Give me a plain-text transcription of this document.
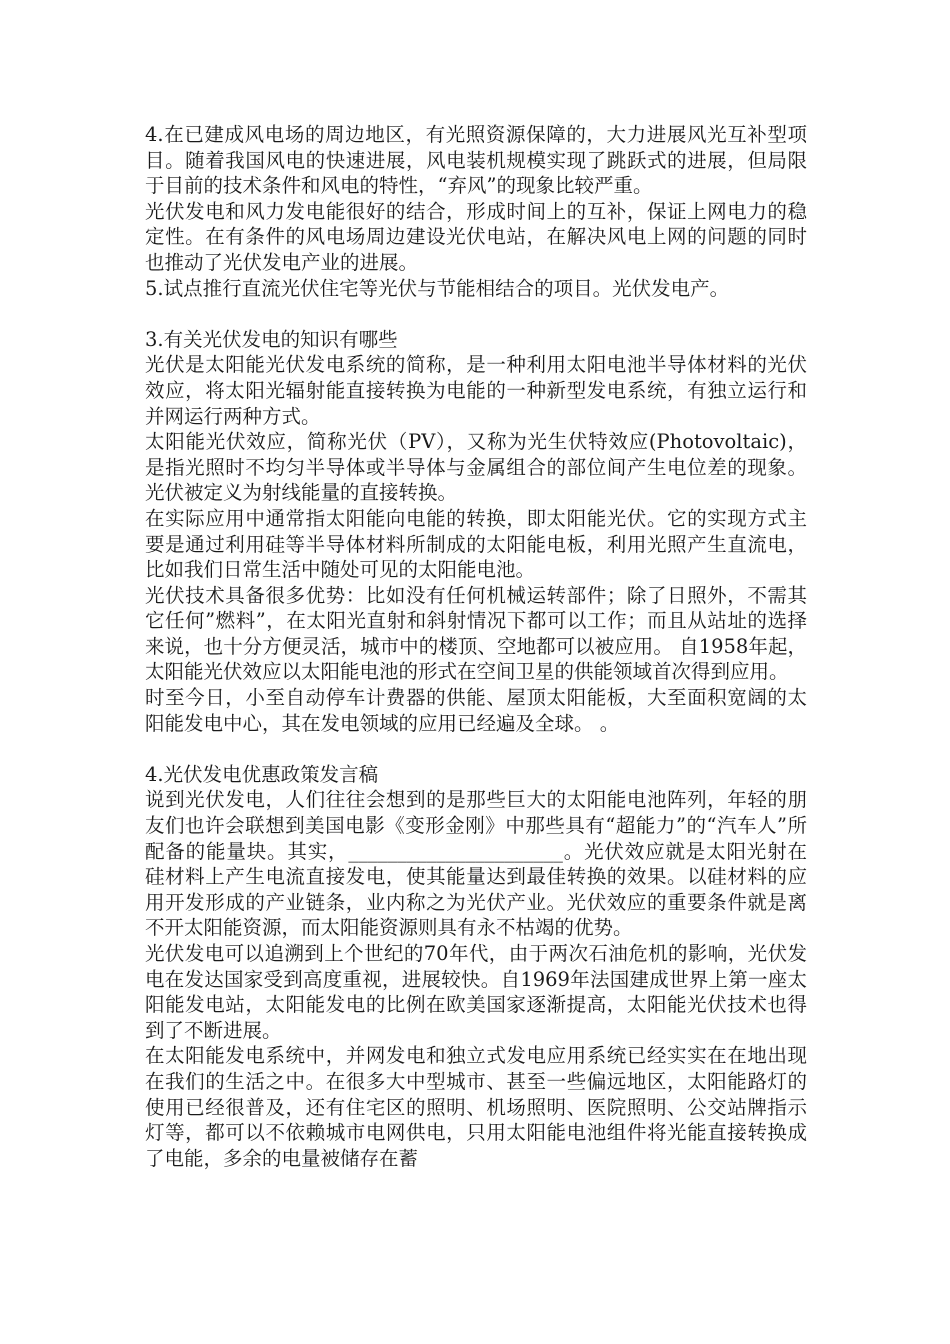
4.在已建成风电场的周边地区，有光照资源保障的，大力进展风光互补型项目。随着我国风电的快速进展，风电装机规模实现了跳跃式的进展，但局限于目前的技术条件和风电的特性，“弃风”的现象比较严重。

光伏发电和风力发电能很好的结合，形成时间上的互补，保证上网电力的稳定性。在有条件的风电场周边建设光伏电站，在解决风电上网的问题的同时也推动了光伏发电产业的进展。

5.试点推行直流光伏住宅等光伏与节能相结合的项目。光伏发电产。

3.有关光伏发电的知识有哪些

光伏是太阳能光伏发电系统的简称，是一种利用太阳电池半导体材料的光伏效应，将太阳光辐射能直接转换为电能的一种新型发电系统，有独立运行和并网运行两种方式。

太阳能光伏效应，简称光伏（PV），又称为光生伏特效应(Photovoltaic)，是指光照时不均匀半导体或半导体与金属组合的部位间产生电位差的现象。 光伏被定义为射线能量的直接转换。

在实际应用中通常指太阳能向电能的转换，即太阳能光伏。它的实现方式主要是通过利用硅等半导体材料所制成的太阳能电板，利用光照产生直流电，比如我们日常生活中随处可见的太阳能电池。

光伏技术具备很多优势：比如没有任何机械运转部件；除了日照外，不需其它任何”燃料”，在太阳光直射和斜射情况下都可以工作；而且从站址的选择来说，也十分方便灵活，城市中的楼顶、空地都可以被应用。 自1958年起，太阳能光伏效应以太阳能电池的形式在空间卫星的供能领域首次得到应用。

时至今日，小至自动停车计费器的供能、屋顶太阳能板，大至面积宽阔的太阳能发电中心，其在发电领域的应用已经遍及全球。 。

4.光伏发电优惠政策发言稿

说到光伏发电，人们往往会想到的是那些巨大的太阳能电池阵列，年轻的朋友们也许会联想到美国电影《变形金刚》中那些具有“超能力”的“汽车人”所配备的能量块。其实，______________________。光伏效应就是太阳光射在硅材料上产生电流直接发电，使其能量达到最佳转换的效果。以硅材料的应用开发形成的产业链条，业内称之为光伏产业。光伏效应的重要条件就是离不开太阳能资源，而太阳能资源则具有永不枯竭的优势。

光伏发电可以追溯到上个世纪的70年代，由于两次石油危机的影响，光伏发电在发达国家受到高度重视，进展较快。自1969年法国建成世界上第一座太阳能发电站，太阳能发电的比例在欧美国家逐渐提高，太阳能光伏技术也得到了不断进展。

在太阳能发电系统中，并网发电和独立式发电应用系统已经实实在在地出现在我们的生活之中。在很多大中型城市、甚至一些偏远地区，太阳能路灯的使用已经很普及，还有住宅区的照明、机场照明、医院照明、公交站牌指示灯等，都可以不依赖城市电网供电，只用太阳能电池组件将光能直接转换成了电能，多余的电量被储存在蓄
